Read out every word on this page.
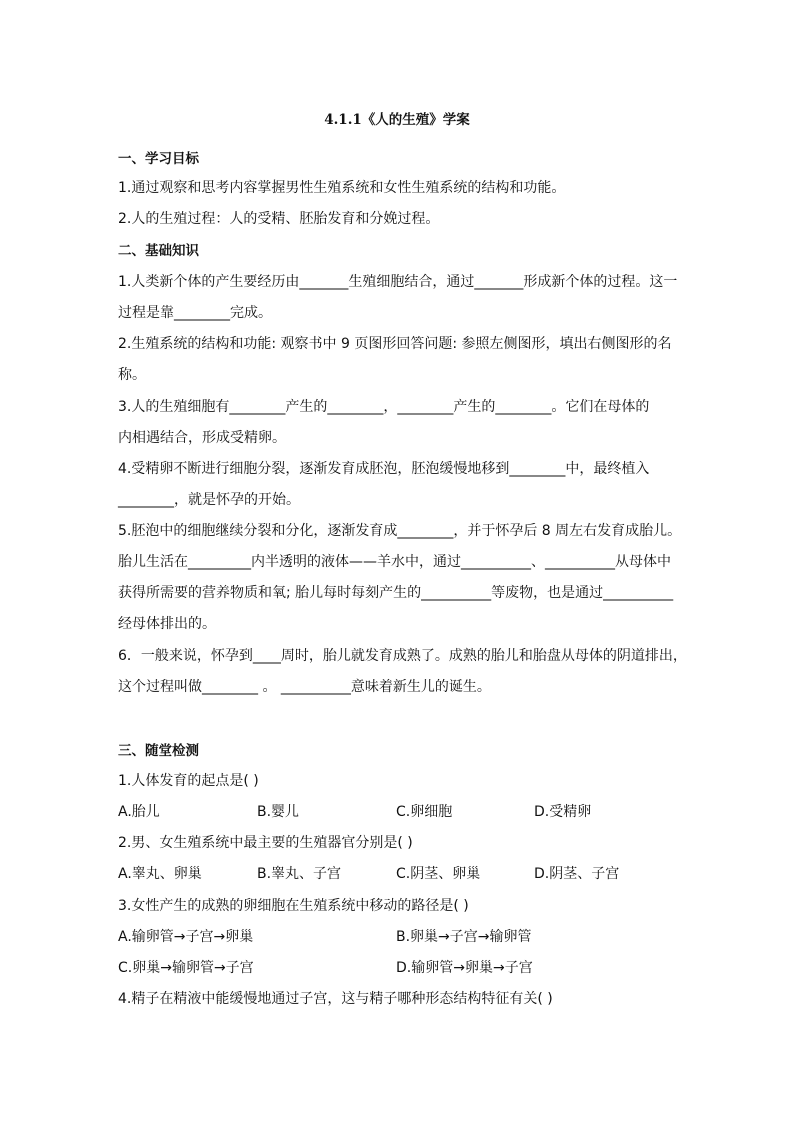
4.1.1《人的生殖》学案
一、学习目标
1.通过观察和思考内容掌握男性生殖系统和女性生殖系统的结构和功能。
2.人的生殖过程：人的受精、胚胎发育和分娩过程。
二、基础知识
1.人类新个体的产生要经历由_______生殖细胞结合，通过_______形成新个体的过程。这一
过程是靠________完成。
2.生殖系统的结构和功能: 观察书中 9 页图形回答问题: 参照左侧图形，填出右侧图形的名
称。
3.人的生殖细胞有________产生的________，________产生的________。它们在母体的
内相遇结合，形成受精卵。
4.受精卵不断进行细胞分裂，逐渐发育成胚泡，胚泡缓慢地移到________中，最终植入
________，就是怀孕的开始。
5.胚泡中的细胞继续分裂和分化，逐渐发育成________，并于怀孕后 8 周左右发育成胎儿。
胎儿生活在_________内半透明的液体——羊水中，通过__________、__________从母体中
获得所需要的营养物质和氧; 胎儿每时每刻产生的__________等废物，也是通过__________
经母体排出的。
6．一般来说，怀孕到____周时，胎儿就发育成熟了。成熟的胎儿和胎盘从母体的阴道排出，
这个过程叫做________ 。 __________意味着新生儿的诞生。
三、随堂检测
1.人体发育的起点是( )
A.胎儿	B.婴儿	C.卵细胞	D.受精卵
2.男、女生殖系统中最主要的生殖器官分别是( )
A.睾丸、卵巢	B.睾丸、子宫	C.阴茎、卵巢	D.阴茎、子宫
3.女性产生的成熟的卵细胞在生殖系统中移动的路径是( )
A.输卵管→子宫→卵巢	B.卵巢→子宫→输卵管
C.卵巢→输卵管→子宫	D.输卵管→卵巢→子宫
4.精子在精液中能缓慢地通过子宫，这与精子哪种形态结构特征有关( )
